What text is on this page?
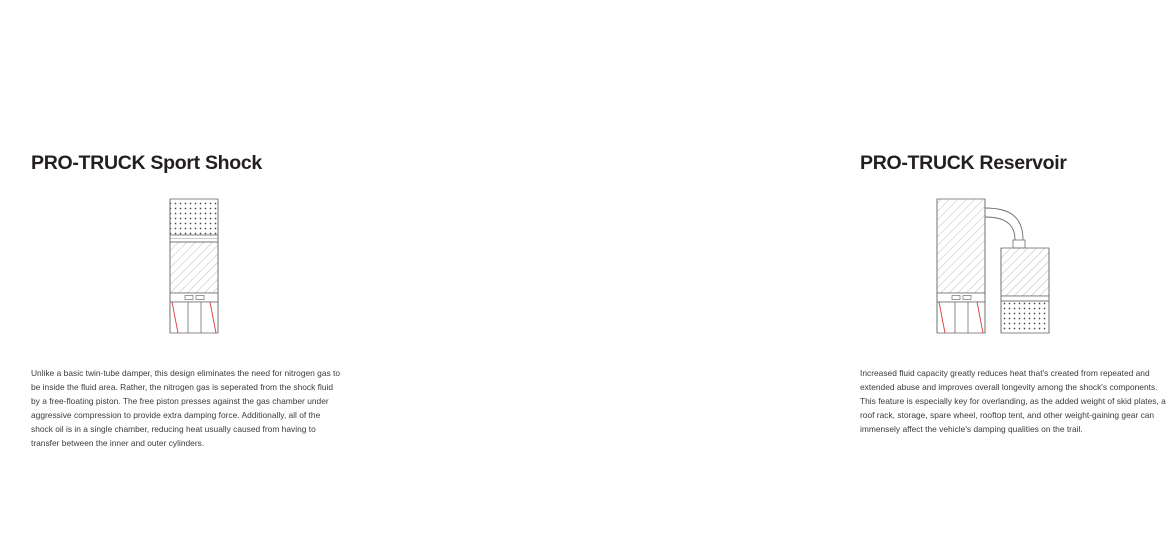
PRO-TRUCK Sport Shock
Unlike a basic twin-tube damper, this design eliminates the need for nitrogen gas to be inside the fluid area. Rather, the nitrogen gas is seperated from the shock fluid by a free-floating piston. The free piston presses against the gas chamber under aggressive compression to provide extra damping force. Additionally, all of the shock oil is in a single chamber, reducing heat usually caused from having to transfer between the inner and outer cylinders.
PRO-TRUCK Reservoir
Increased fluid capacity greatly reduces heat that's created from repeated and extended abuse and improves overall longevity among the shock's components. This feature is especially key for overlanding, as the added weight of skid plates, a roof rack, storage, spare wheel, rooftop tent, and other weight-gaining gear can immensely affect the vehicle's damping qualities on the trail.
